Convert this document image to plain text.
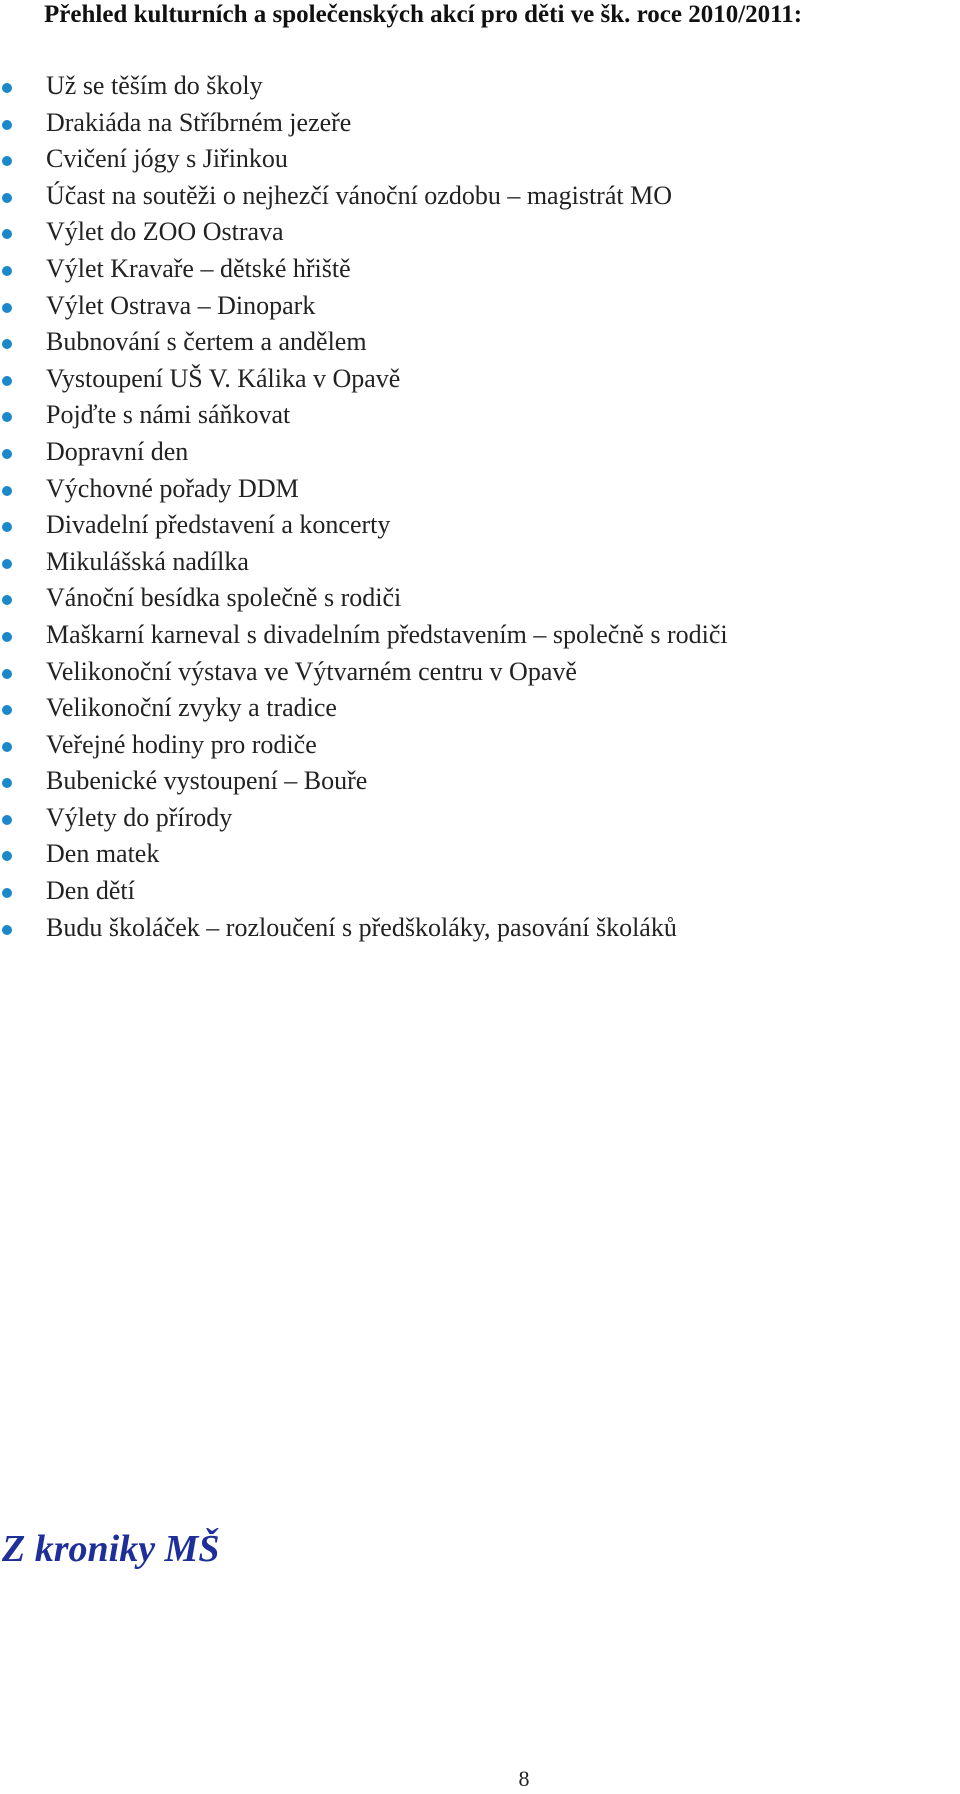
Přehled kulturních a společenských akcí pro děti ve šk. roce 2010/2011:
Už se těším do školy
Drakiáda na Stříbrném jezeře
Cvičení jógy s Jiřinkou
Účast na soutěži o nejhezčí vánoční ozdobu – magistrát MO
Výlet do ZOO Ostrava
Výlet Kravaře – dětské hřiště
Výlet Ostrava – Dinopark
Bubnování s čertem a andělem
Vystoupení UŠ V. Kálika v Opavě
Pojďte s námi sáňkovat
Dopravní den
Výchovné pořady DDM
Divadelní představení a koncerty
Mikulášská nadílka
Vánoční besídka společně s rodiči
Maškarní karneval s divadelním představením – společně s rodiči
Velikonoční výstava ve Výtvarném centru v Opavě
Velikonoční zvyky a tradice
Veřejné hodiny pro rodiče
Bubenické vystoupení – Bouře
Výlety do přírody
Den matek
Den dětí
Budu školáček – rozloučení s předškoláky, pasování školáků
Z kroniky MŠ
8
